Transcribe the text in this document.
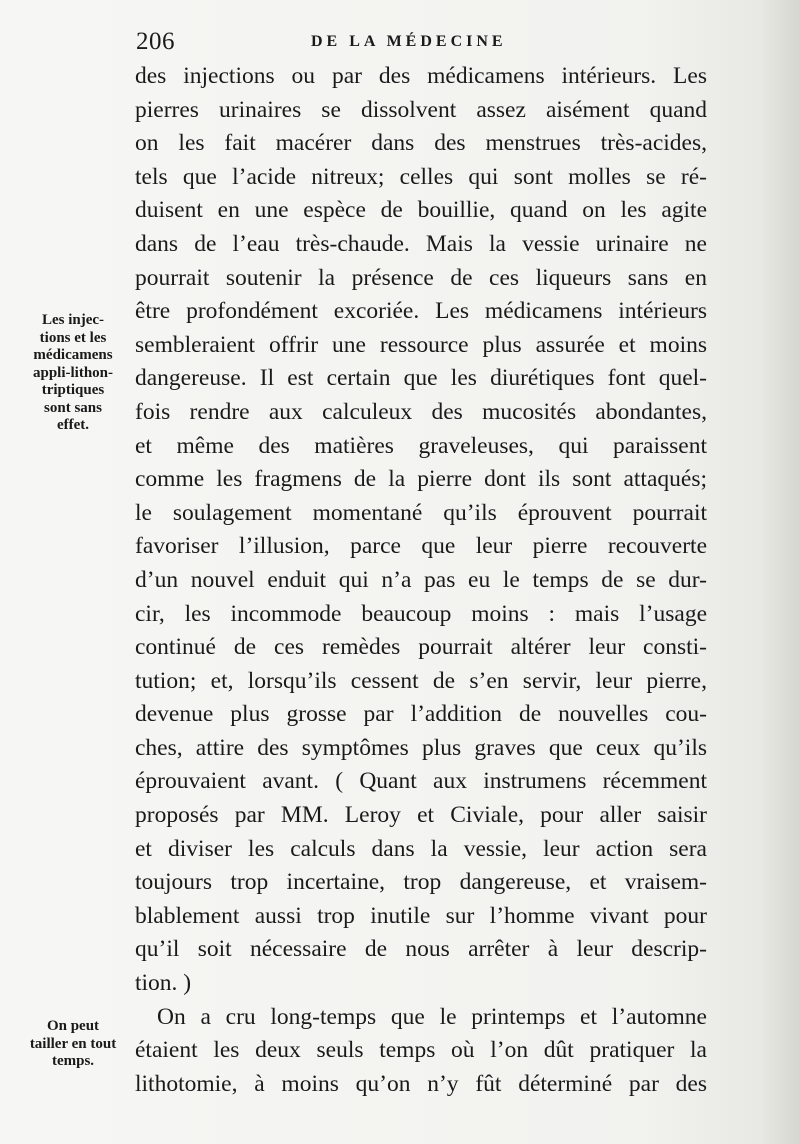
206	DE LA MÉDECINE
Les injec-
tions et les
médicamens
appli-lithon-
triptiques
sont sans
effet.
On peut
tailler en tout
temps.
des injections ou par des médicamens intérieurs. Les
pierres urinaires se dissolvent assez aisément quand
on les fait macérer dans des menstrues très-acides,
tels que l’acide nitreux; celles qui sont molles se ré-
duisent en une espèce de bouillie, quand on les agite
dans de l’eau très-chaude. Mais la vessie urinaire ne
pourrait soutenir la présence de ces liqueurs sans en
être profondément excoriée. Les médicamens intérieurs
sembleraient offrir une ressource plus assurée et moins
dangereuse. Il est certain que les diurétiques font quel-
fois rendre aux calculeux des mucosités abondantes,
et même des matières graveleuses, qui paraissent
comme les fragmens de la pierre dont ils sont attaqués;
le soulagement momentané qu’ils éprouvent pourrait
favoriser l’illusion, parce que leur pierre recouverte
d’un nouvel enduit qui n’a pas eu le temps de se dur-
cir, les incommode beaucoup moins : mais l’usage
continué de ces remèdes pourrait altérer leur consti-
tution; et, lorsqu’ils cessent de s’en servir, leur pierre,
devenue plus grosse par l’addition de nouvelles cou-
ches, attire des symptômes plus graves que ceux qu’ils
éprouvaient avant. ( Quant aux instrumens récemment
proposés par MM. Leroy et Civiale, pour aller saisir
et diviser les calculs dans la vessie, leur action sera
toujours trop incertaine, trop dangereuse, et vraisem-
blablement aussi trop inutile sur l’homme vivant pour
qu’il soit nécessaire de nous arrêter à leur descrip-
tion. )
On a cru long-temps que le printemps et l’automne
étaient les deux seuls temps où l’on dût pratiquer la
lithotomie, à moins qu’on n’y fût déterminé par des
